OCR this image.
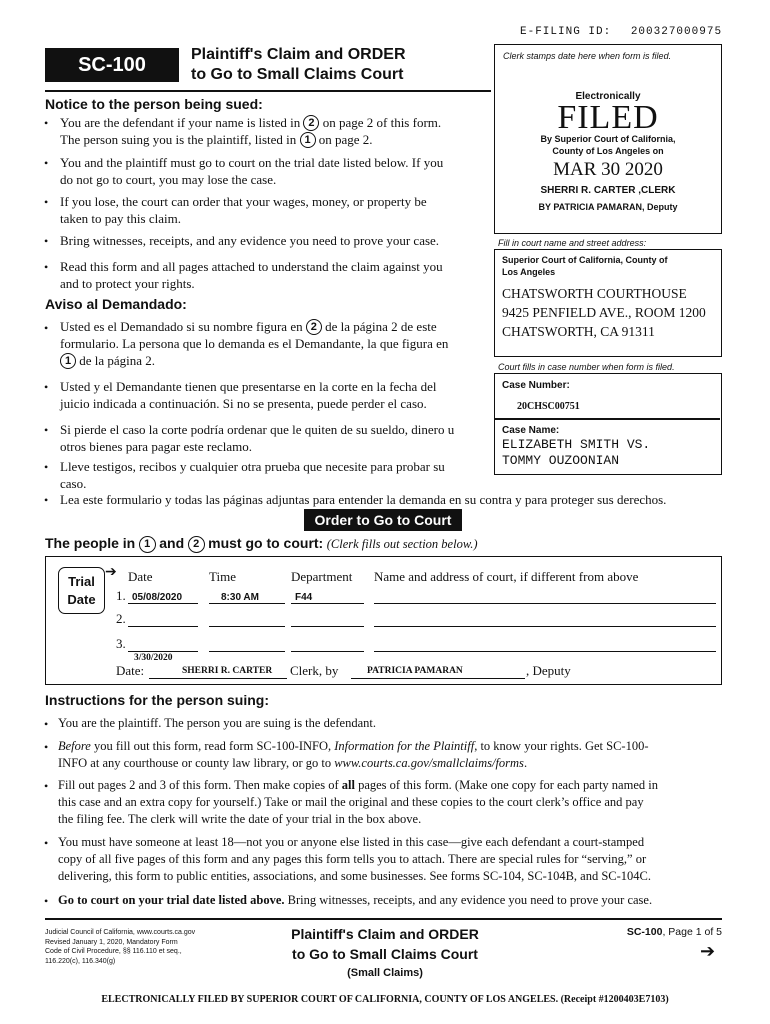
E-FILING ID: 200327000975
SC-100	Plaintiff's Claim and ORDER
to Go to Small Claims Court
Clerk stamps date here when form is filed.
Electronically
FILED
By Superior Court of California,
County of Los Angeles on
MAR 30 2020
SHERRI R. CARTER ,CLERK
BY PATRICIA PAMARAN, Deputy
Fill in court name and street address:
Superior Court of California, County of
Los Angeles
CHATSWORTH COURTHOUSE
9425 PENFIELD AVE., ROOM 1200
CHATSWORTH, CA 91311
Court fills in case number when form is filed.
Case Number:
20CHSC00751
Case Name:
ELIZABETH SMITH VS.
TOMMY OUZOONIAN
Notice to the person being sued:
• You are the defendant if your name is listed in 2 on page 2 of this form.
The person suing you is the plaintiff, listed in 1 on page 2.
• You and the plaintiff must go to court on the trial date listed below. If you
do not go to court, you may lose the case.
• If you lose, the court can order that your wages, money, or property be
taken to pay this claim.
• Bring witnesses, receipts, and any evidence you need to prove your case.
• Read this form and all pages attached to understand the claim against you
and to protect your rights.
Aviso al Demandado:
• Usted es el Demandado si su nombre figura en 2 de la página 2 de este
formulario. La persona que lo demanda es el Demandante, la que figura en
1 de la página 2.
• Usted y el Demandante tienen que presentarse en la corte en la fecha del
juicio indicada a continuación. Si no se presenta, puede perder el caso.
• Si pierde el caso la corte podría ordenar que le quiten de su sueldo, dinero u
otros bienes para pagar este reclamo.
• Lleve testigos, recibos y cualquier otra prueba que necesite para probar su
caso.
• Lea este formulario y todas las páginas adjuntas para entender la demanda en su contra y para proteger sus derechos.
Order to Go to Court
The people in 1 and 2 must go to court: (Clerk fills out section below.)
Trial
Date
➔ Date	Time	Department Name and address of court, if different from above
1. 05/08/2020	8:30 AM	F44
2.
3.
3/30/2020
Date:	SHERRI R. CARTER Clerk, by	PATRICIA PAMARAN	, Deputy
Instructions for the person suing:
• You are the plaintiff. The person you are suing is the defendant.
• Before you fill out this form, read form SC-100-INFO, Information for the Plaintiff, to know your rights. Get SC-100-
INFO at any courthouse or county law library, or go to www.courts.ca.gov/smallclaims/forms.
• Fill out pages 2 and 3 of this form. Then make copies of all pages of this form. (Make one copy for each party named in
this case and an extra copy for yourself.) Take or mail the original and these copies to the court clerk’s office and pay
the filing fee. The clerk will write the date of your trial in the box above.
• You must have someone at least 18—not you or anyone else listed in this case—give each defendant a court-stamped
copy of all five pages of this form and any pages this form tells you to attach. There are special rules for “serving,” or
delivering, this form to public entities, associations, and some businesses. See forms SC-104, SC-104B, and SC-104C.
• Go to court on your trial date listed above. Bring witnesses, receipts, and any evidence you need to prove your case.
Judicial Council of California, www.courts.ca.gov
Revised January 1, 2020, Mandatory Form
Code of Civil Procedure, §§ 116.110 et seq.,
116.220(c), 116.340(g)
Plaintiff's Claim and ORDER
to Go to Small Claims Court
(Small Claims)
SC-100, Page 1 of 5
➔
ELECTRONICALLY FILED BY SUPERIOR COURT OF CALIFORNIA, COUNTY OF LOS ANGELES. (Receipt #1200403E7103)
